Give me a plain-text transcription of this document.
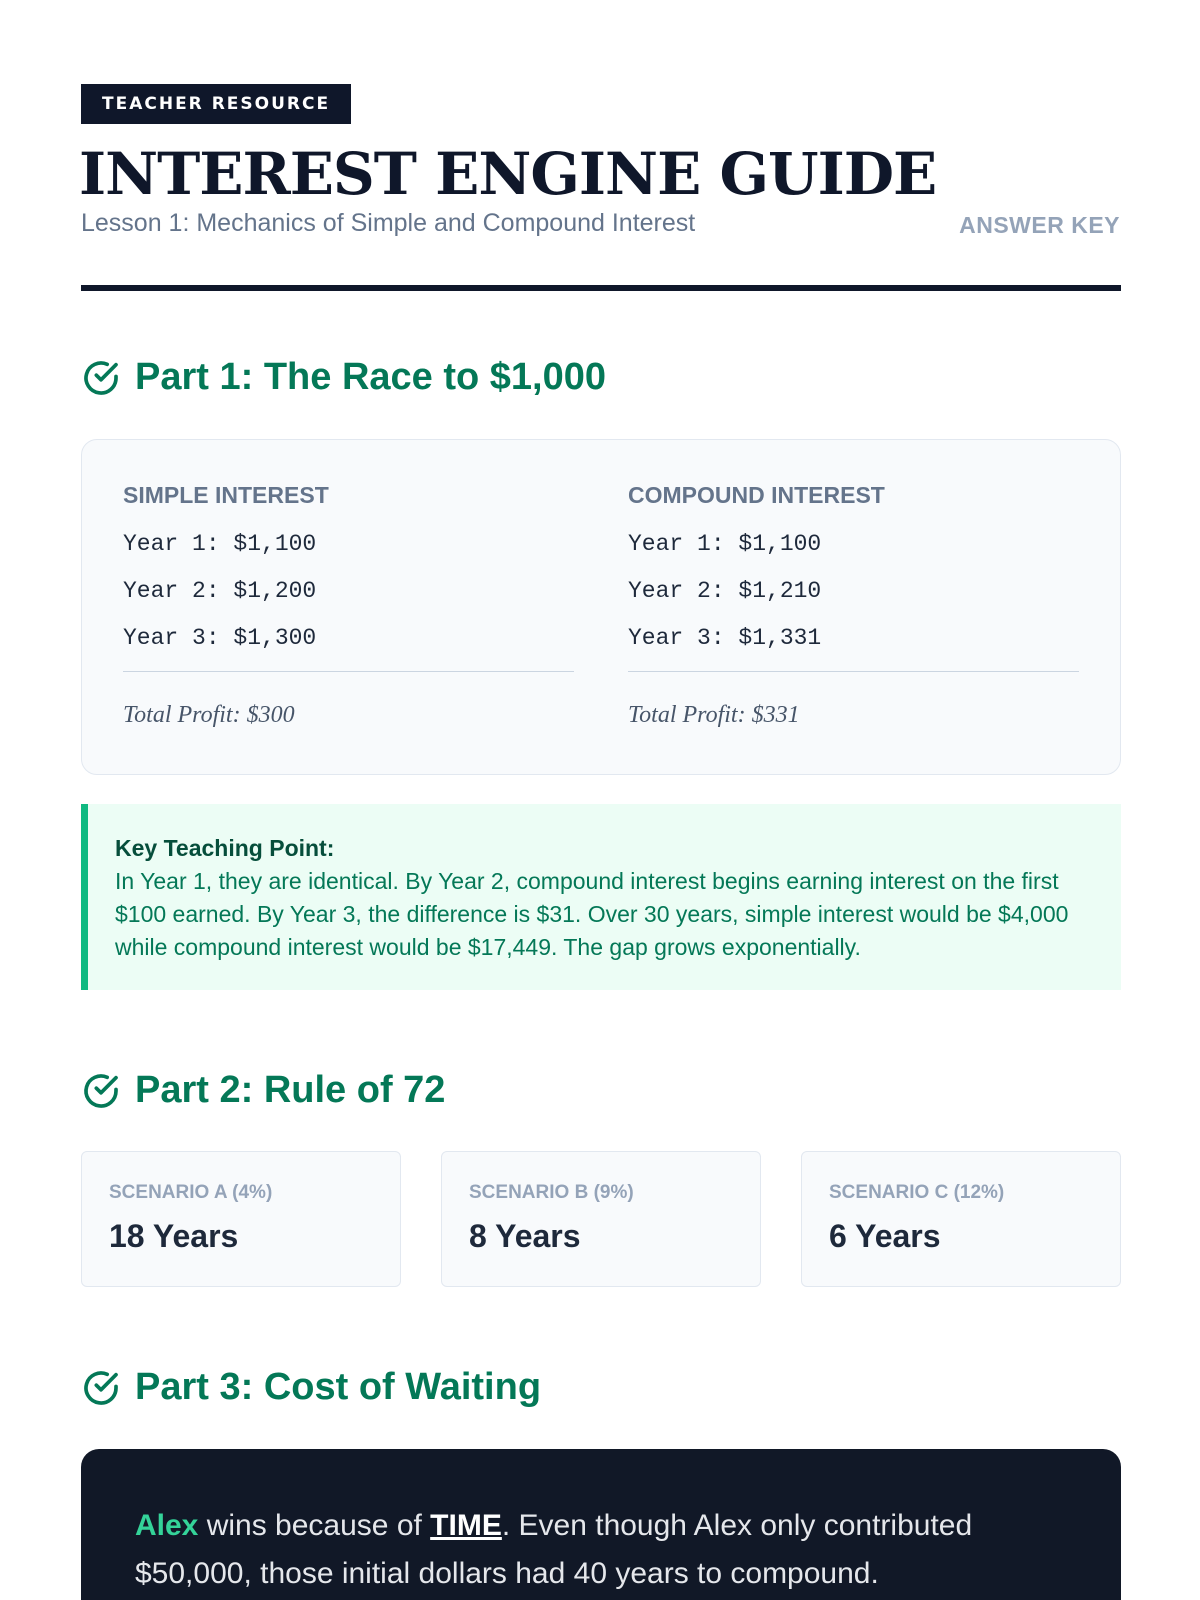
TEACHER RESOURCE
INTEREST ENGINE GUIDE
Lesson 1: Mechanics of Simple and Compound Interest	ANSWER KEY
Part 1: The Race to $1,000
SIMPLE INTEREST
Year 1: $1,100
Year 2: $1,200
Year 3: $1,300
Total Profit: $300
COMPOUND INTEREST
Year 1: $1,100
Year 2: $1,210
Year 3: $1,331
Total Profit: $331
Key Teaching Point:
In Year 1, they are identical. By Year 2, compound interest begins earning interest on the first $100 earned. By Year 3, the difference is $31. Over 30 years, simple interest would be $4,000 while compound interest would be $17,449. The gap grows exponentially.
Part 2: Rule of 72
SCENARIO A (4%)
18 Years
SCENARIO B (9%)
8 Years
SCENARIO C (12%)
6 Years
Part 3: Cost of Waiting
Alex wins because of TIME. Even though Alex only contributed $50,000, those initial dollars had 40 years to compound.
